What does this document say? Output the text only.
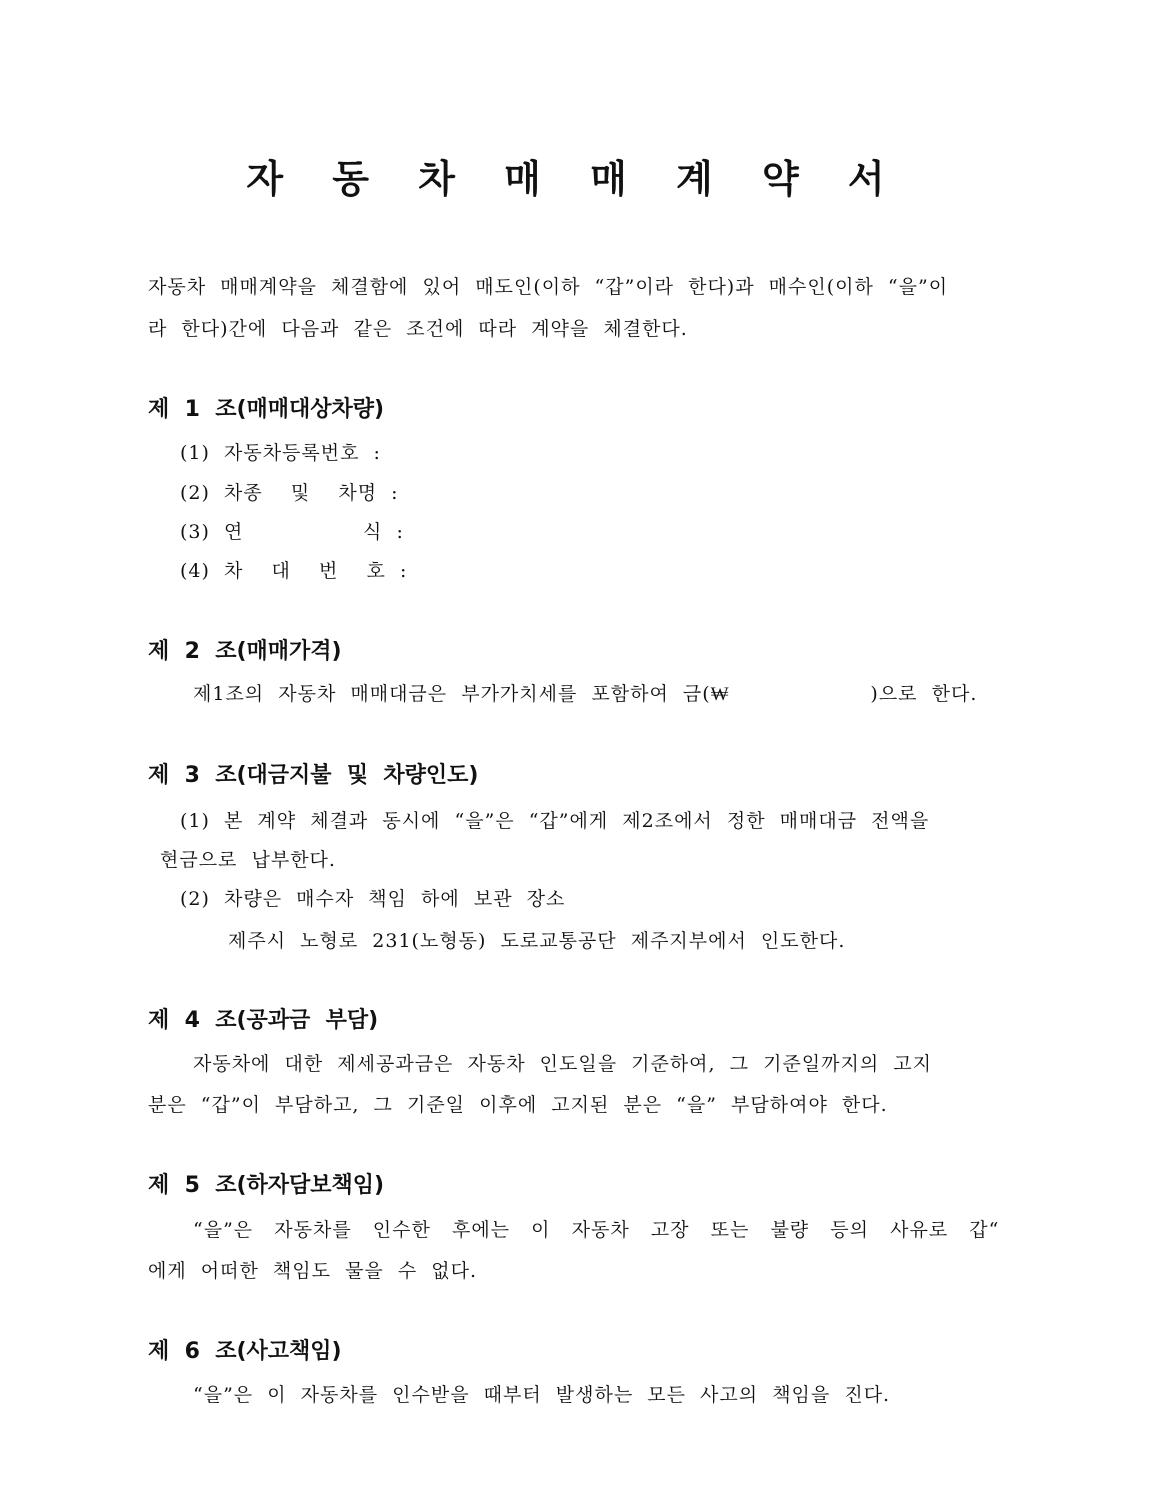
자 동 차 매 매 계 약 서
자동차  매매계약을  체결함에  있어  매도인(이하  “갑”이라  한다)과  매수인(이하  “을”이
라  한다)간에  다음과  같은  조건에  따라  계약을  체결한다.
제  1  조(매매대상차량)
(1)  자동차등록번호  :
(2)  차종    및    차명  :
(3)  연                 식  :
(4)  차    대    번    호  :
제  2  조(매매가격)
제1조의  자동차  매매대금은  부가가치세를  포함하여  금(₩                    )으로  한다.
제  3  조(대금지불  및  차량인도)
(1)  본  계약  체결과  동시에  “을”은  “갑”에게  제2조에서  정한  매매대금  전액을
현금으로  납부한다.
(2)  차량은  매수자  책임  하에  보관  장소
제주시  노형로  231(노형동)  도로교통공단  제주지부에서  인도한다.
제  4  조(공과금  부담)
자동차에  대한  제세공과금은  자동차  인도일을  기준하여,  그  기준일까지의  고지
분은  “갑”이  부담하고,  그  기준일  이후에  고지된  분은  “을”  부담하여야  한다.
제  5  조(하자담보책임)
“을”은   자동차를   인수한   후에는   이   자동차   고장   또는   불량   등의   사유로   갑“
에게  어떠한  책임도  물을  수  없다.
제  6  조(사고책임)
“을”은  이  자동차를  인수받을  때부터  발생하는  모든  사고의  책임을  진다.
